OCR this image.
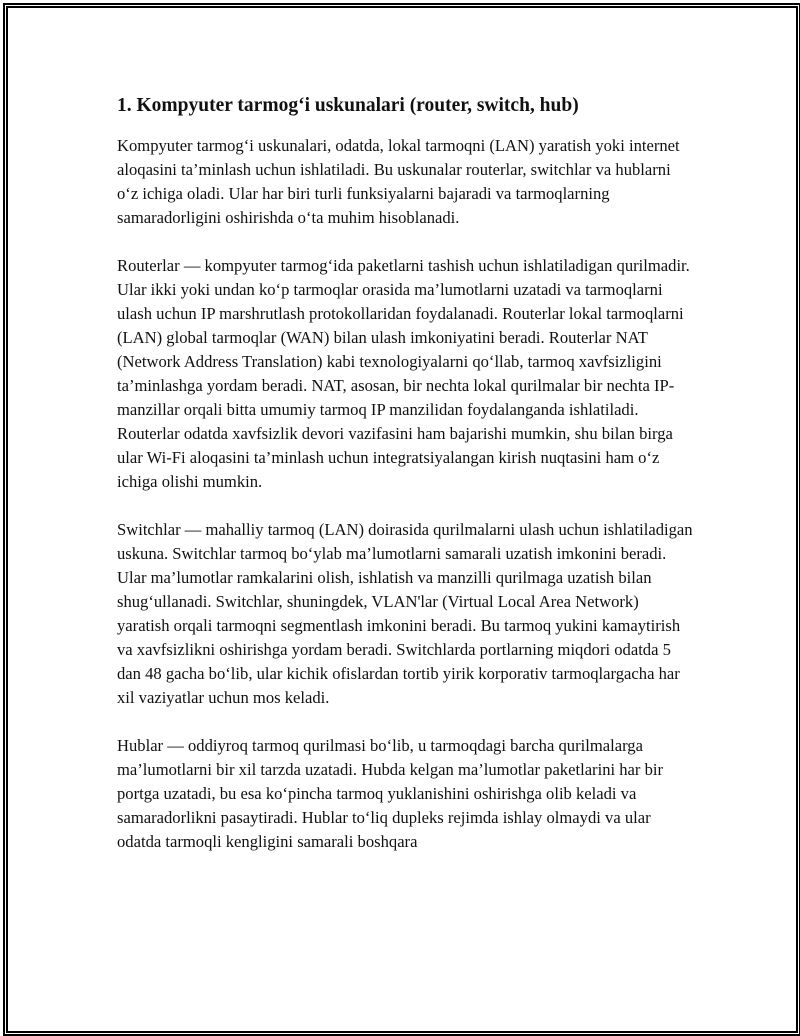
1. Kompyuter tarmog‘i uskunalari (router, switch, hub)

Kompyuter tarmog‘i uskunalari, odatda, lokal tarmoqni (LAN) yaratish yoki internet aloqasini ta’minlash uchun ishlatiladi. Bu uskunalar routerlar, switchlar va hublarni o‘z ichiga oladi. Ular har biri turli funksiyalarni bajaradi va tarmoqlarning samaradorligini oshirishda o‘ta muhim hisoblanadi.

Routerlar — kompyuter tarmog‘ida paketlarni tashish uchun ishlatiladigan qurilmadir. Ular ikki yoki undan ko‘p tarmoqlar orasida ma’lumotlarni uzatadi va tarmoqlarni ulash uchun IP marshrutlash protokollaridan foydalanadi. Routerlar lokal tarmoqlarni (LAN) global tarmoqlar (WAN) bilan ulash imkoniyatini beradi. Routerlar NAT (Network Address Translation) kabi texnologiyalarni qo‘llab, tarmoq xavfsizligini ta’minlashga yordam beradi. NAT, asosan, bir nechta lokal qurilmalar bir nechta IP-manzillar orqali bitta umumiy tarmoq IP manzilidan foydalanganda ishlatiladi. Routerlar odatda xavfsizlik devori vazifasini ham bajarishi mumkin, shu bilan birga ular Wi-Fi aloqasini ta’minlash uchun integratsiyalangan kirish nuqtasini ham o‘z ichiga olishi mumkin.

Switchlar — mahalliy tarmoq (LAN) doirasida qurilmalarni ulash uchun ishlatiladigan uskuna. Switchlar tarmoq bo‘ylab ma’lumotlarni samarali uzatish imkonini beradi. Ular ma’lumotlar ramkalarini olish, ishlatish va manzilli qurilmaga uzatish bilan shug‘ullanadi. Switchlar, shuningdek, VLAN'lar (Virtual Local Area Network) yaratish orqali tarmoqni segmentlash imkonini beradi. Bu tarmoq yukini kamaytirish va xavfsizlikni oshirishga yordam beradi. Switchlarda portlarning miqdori odatda 5 dan 48 gacha bo‘lib, ular kichik ofislardan tortib yirik korporativ tarmoqlargacha har xil vaziyatlar uchun mos keladi.

Hublar — oddiyroq tarmoq qurilmasi bo‘lib, u tarmoqdagi barcha qurilmalarga ma’lumotlarni bir xil tarzda uzatadi. Hubda kelgan ma’lumotlar paketlarini har bir portga uzatadi, bu esa ko‘pincha tarmoq yuklanishini oshirishga olib keladi va samaradorlikni pasaytiradi. Hublar to‘liq dupleks rejimda ishlay olmaydi va ular odatda tarmoqli kengligini samarali boshqara
